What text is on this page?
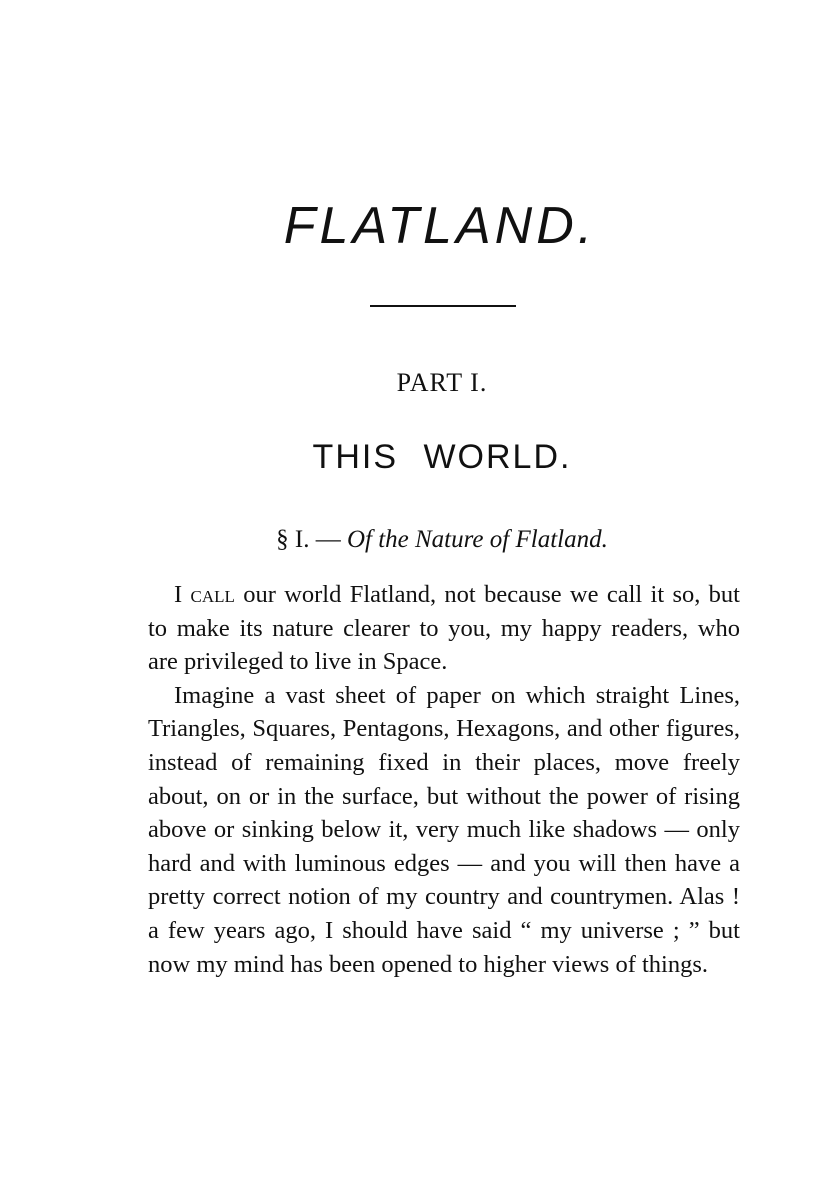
FLATLAND.
PART I.
THIS WORLD.
§ I. — Of the Nature of Flatland.

I call our world Flatland, not because we call it so, but to make its nature clearer to you, my happy readers, who are privileged to live in Space.

Imagine a vast sheet of paper on which straight Lines, Triangles, Squares, Pentagons, Hexagons, and other figures, instead of remaining fixed in their places, move freely about, on or in the surface, but without the power of rising above or sinking below it, very much like shadows — only hard and with luminous edges — and you will then have a pretty correct notion of my country and countrymen. Alas ! a few years ago, I should have said “ my universe ; ” but now my mind has been opened to higher views of things.
